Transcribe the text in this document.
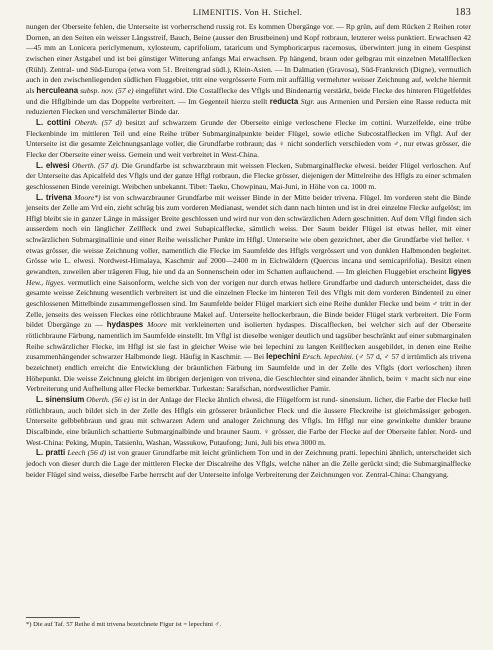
LIMENITIS. Von H. Stichel.	183

nungen der Oberseite fehlen, die Unterseite ist vorherrschend russig rot. Es kommen Übergänge vor. — Rp grün, auf dem Rücken 2 Reihen roter Dornen, an den Seiten ein weisser Längsstreif, Bauch, Beine (ausser den Brustbeinen) und Kopf rotbraun, letzterer weiss punktiert. Erwachsen 42—45 mm an Lonicera periclymenum, xylosteum, caprifolium, tataricum und Symphoricarpus racemosus, überwintert jung in einem Gespinst zwischen einer Astgabel und ist bei günstiger Witterung anfangs Mai erwachsen. Pp hängend, braun oder gelbgrau mit einzelnen Metallflecken (Rühl). Zentral- und Süd-Europa (etwa vom 51. Breitengrad südl.), Klein-Asien. — In Dalmatien (Gravosa), Süd-Frankreich (Digne), vermutlich auch in den zwischenliegenden südlichen Fluggebiet, tritt eine vergrösserte Form mit auffällig vermehrter weisser Zeichnung auf, welche hiermit als herculeana subsp. nov. (57 e) eingeführt wird. Die Costalflecke des Vflgls und Bindenartig verstärkt, beide Flecke des hinteren Flügelfeldes und die Hflglbinde um das Doppelte verbreitert. — Im Gegenteil hierzu stellt reducta Stgr. aus Armenien und Persien eine Rasse reducta mit reduzierten Flecken und verschmälerter Binde dar.

L. cottini Oberth. (57 d) besitzt auf schwarzem Grunde der Oberseite einige verloschene Flecke im cottini. Wurzelfelde, eine trübe Fleckenbinde im mittleren Teil und eine Reihe trüber Submarginalpunkte beider Flügel, sowie etliche Subcostalflecken im Vflgl. Auf der Unterseite ist die gesamte Zeichnungsanlage voller, die Grundfarbe rotbraun; das ♀ nicht sonderlich verschieden vom ♂, nur etwas grösser, die Flecke der Oberseite einer weiss. Gemein und weit verbreitet in West-China.

L. elwesi Oberth. (57 d). Die Grundfarbe ist schwarzbraun mit weissen Flecken, Submarginalflecke elwesi. beider Flügel verloschen. Auf der Unterseite das Apicalfeld des Vflgls und der ganze Hflgl rotbraun, die Flecke grösser, diejenigen der Mittelreihe des Hflgls zu einer schmalen geschlossenen Binde vereinigt. Weibchen unbekannt. Tibet: Taeku, Chowpinau, Mai-Juni, in Höhe von ca. 1000 m.

L. trivena Moore*) ist von schwarzbrauner Grundfarbe mit weisser Binde in der Mitte beider trivena. Flügel. Im vorderen steht die Binde jenseits der Zelle am Vrd ein, zieht schräg bis zum vorderen Medianast, wendet sich dann nach hinten und ist in drei einzelne Flecke aufgelöst; im Hflgl bleibt sie in ganzer Länge in mässiger Breite geschlossen und wird nur von den schwärzlichen Adern geschnitten. Auf dem Vflgl finden sich ausserdem noch ein länglicher Zellfleck und zwei Subapicalflecke, sämtlich weiss. Der Saum beider Flügel ist etwas heller, mit einer schwärzlichen Submarginallinie und einer Reihe weisslicher Punkte im Hflgl. Unterseite wie oben gezeichnet, aber die Grundfarbe viel heller. ♀ etwas grösser, die weisse Zeichnung voller, namentlich die Flecke im Saumfelde des Hflgls vergrössert und von dunklen Halbmonden begleitet. Grösse wie L. elwesi. Nordwest-Himalaya, Kaschmir auf 2000—2400 m in Eichwäldern (Quercus incana und semicaprifolia). Besitzt einen gewandten, zuweilen aber trägeren Flug, hie und da an Sonnenschein oder im Schatten auflauchend. — Im gleichen Fluggebiet erscheint ligyes Hew., ligyes. vermutlich eine Saisonform, welche sich von der vorigen nur durch etwas hellere Grundfarbe und dadurch unterscheidet, dass die gesamte weisse Zeichnung wesentlich verbreitert ist und die einzelnen Flecke im hinteren Teil des Vflgls mit dem vorderen Bindenteil zu einer geschlossenen Mittelbinde zusammengeflossen sind. Im Saumfelde beider Flügel markiert sich eine Reihe dunkler Flecke und beim ♂ tritt in der Zelle, jenseits des weissen Fleckes eine rötlichbraune Makel auf. Unterseite hellockerbraun, die Binde beider Flügel stark verbreitert. Die Form bildet Übergänge zu — hydaspes Moore mit verkleinerten und isolierten hydaspes. Discalflecken, bei welcher sich auf der Oberseite rötlichbraune Färbung, namentlich im Saumfelde einstellt. Im Vflgl ist dieselbe weniger deutlich und tagsüber beschränkt auf einer submarginalen Reihe schwärzlicher Flecke, im Hflgl ist sie fast in gleicher Weise wie bei lepechini zu langen Keilflecken ausgebildet, in denen eine Reihe zusammenhängender schwarzer Halbmonde liegt. Häufig in Kaschmir. — Bei lepechini Ersch. lepechini. (♂ 57 d, ♂ 57 d irrtümlich als trivena bezeichnet) endlich erreicht die Entwicklung der bräunlichen Färbung im Saumfelde und in der Zelle des Vflgls (dort verloschen) ihren Höhepunkt. Die weisse Zeichnung gleicht im übrigen derjenigen von trivena, die Geschlechter sind einander ähnlich, beim ♀ macht sich nur eine Verbreiterung und Aufhellung aller Flecke bemerkbar. Turkestan: Sarafschan, nordwestlicher Pamir.

L. sinensium Oberth. (56 e) ist in der Anlage der Flecke ähnlich elwesi, die Flügelform ist rund- sinensium. licher, die Farbe der Flecke hell rötlichbraun, auch bildet sich in der Zelle des Hflgls ein grösserer bräunlicher Fleck und die äussere Fleckreihe ist gleichmässiger gebogen. Unterseite gelbbehbraun und grau mit schwarzen Adern und analoger Zeichnung des Vflgls. Im Hflgl nur eine gewinkelte dunkler braune Discalbinde, eine bräunlich schattierte Submarginalbinde und brauner Saum. ♀ grösser, die Farbe der Flecke auf der Oberseite fahler. Nord- und West-China: Peking, Mupin, Tatsienlu, Washan, Wassukow, Putaufong; Juni, Juli bis etwa 3000 m.

L. pratti Leech (56 d) ist von grauer Grundfarbe mit leicht grünlichem Ton und in der Zeichnung pratti. lepechini ähnlich, unterscheidet sich jedoch von dieser durch die Lage der mittleren Flecke der Discalreihe des Vflgls, welche näher an die Zelle gerückt sind; die Submarginalflecke beider Flügel sind weiss, dieselbe Farbe herrscht auf der Unterseite infolge Verbreiterung der Zeichnungen vor. Zentral-China: Changyang.

*) Die auf Taf. 57 Reihe d mit trivena bezeichnete Figur ist = lepechini ♂.
